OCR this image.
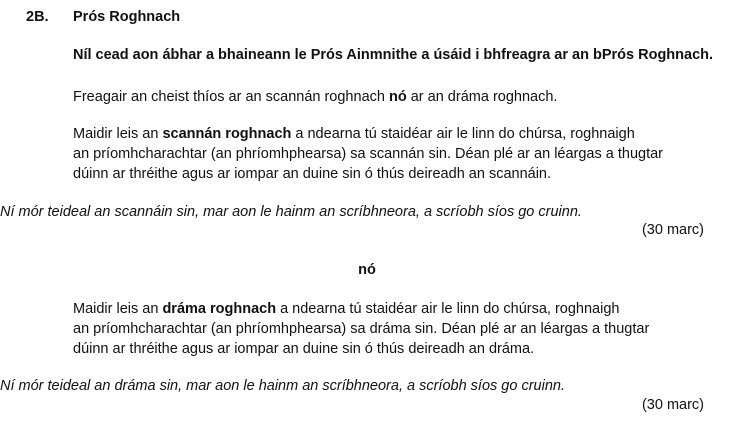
2B. Prós Roghnach
Níl cead aon ábhar a bhaineann le Prós Ainmnithe a úsáid i bhfreagra ar an bPrós Roghnach.
Freagair an cheist thíos ar an scannán roghnach nó ar an dráma roghnach.
Maidir leis an scannán roghnach a ndearna tú staidéar air le linn do chúrsa, roghnaigh
an príomhcharachtar (an phríomhphearsa) sa scannán sin. Déan plé ar an léargas a thugtar
dúinn ar thréithe agus ar iompar an duine sin ó thús deireadh an scannáin.
Ní mór teideal an scannáin sin, mar aon le hainm an scríbhneora, a scríobh síos go cruinn.
(30 marc)
nó
Maidir leis an dráma roghnach a ndearna tú staidéar air le linn do chúrsa, roghnaigh
an príomhcharachtar (an phríomhphearsa) sa dráma sin. Déan plé ar an léargas a thugtar
dúinn ar thréithe agus ar iompar an duine sin ó thús deireadh an dráma.
Ní mór teideal an dráma sin, mar aon le hainm an scríbhneora, a scríobh síos go cruinn.
(30 marc)
